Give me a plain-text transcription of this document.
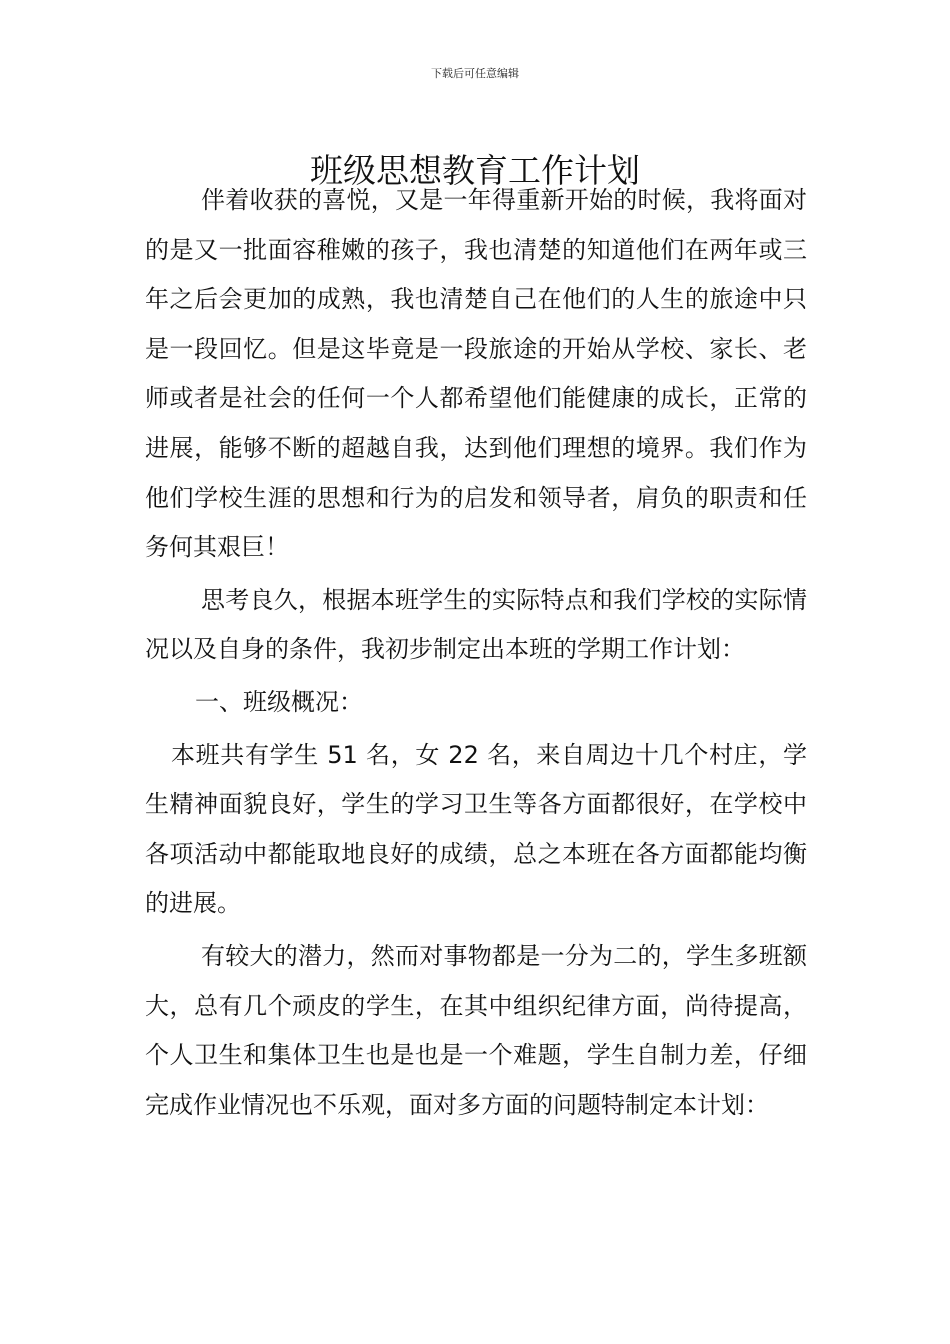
下载后可任意编辑
班级思想教育工作计划

伴着收获的喜悦，又是一年得重新开始的时候，我将面对的是又一批面容稚嫩的孩子，我也清楚的知道他们在两年或三年之后会更加的成熟，我也清楚自己在他们的人生的旅途中只是一段回忆。但是这毕竟是一段旅途的开始从学校、家长、老师或者是社会的任何一个人都希望他们能健康的成长，正常的进展，能够不断的超越自我，达到他们理想的境界。我们作为他们学校生涯的思想和行为的启发和领导者，肩负的职责和任务何其艰巨！

思考良久，根据本班学生的实际特点和我们学校的实际情况以及自身的条件，我初步制定出本班的学期工作计划：

一、班级概况：

本班共有学生 51 名，女 22 名，来自周边十几个村庄，学生精神面貌良好，学生的学习卫生等各方面都很好，在学校中各项活动中都能取地良好的成绩，总之本班在各方面都能均衡的进展。

有较大的潜力，然而对事物都是一分为二的，学生多班额大，总有几个顽皮的学生，在其中组织纪律方面，尚待提高，个人卫生和集体卫生也是也是一个难题，学生自制力差，仔细完成作业情况也不乐观，面对多方面的问题特制定本计划：
